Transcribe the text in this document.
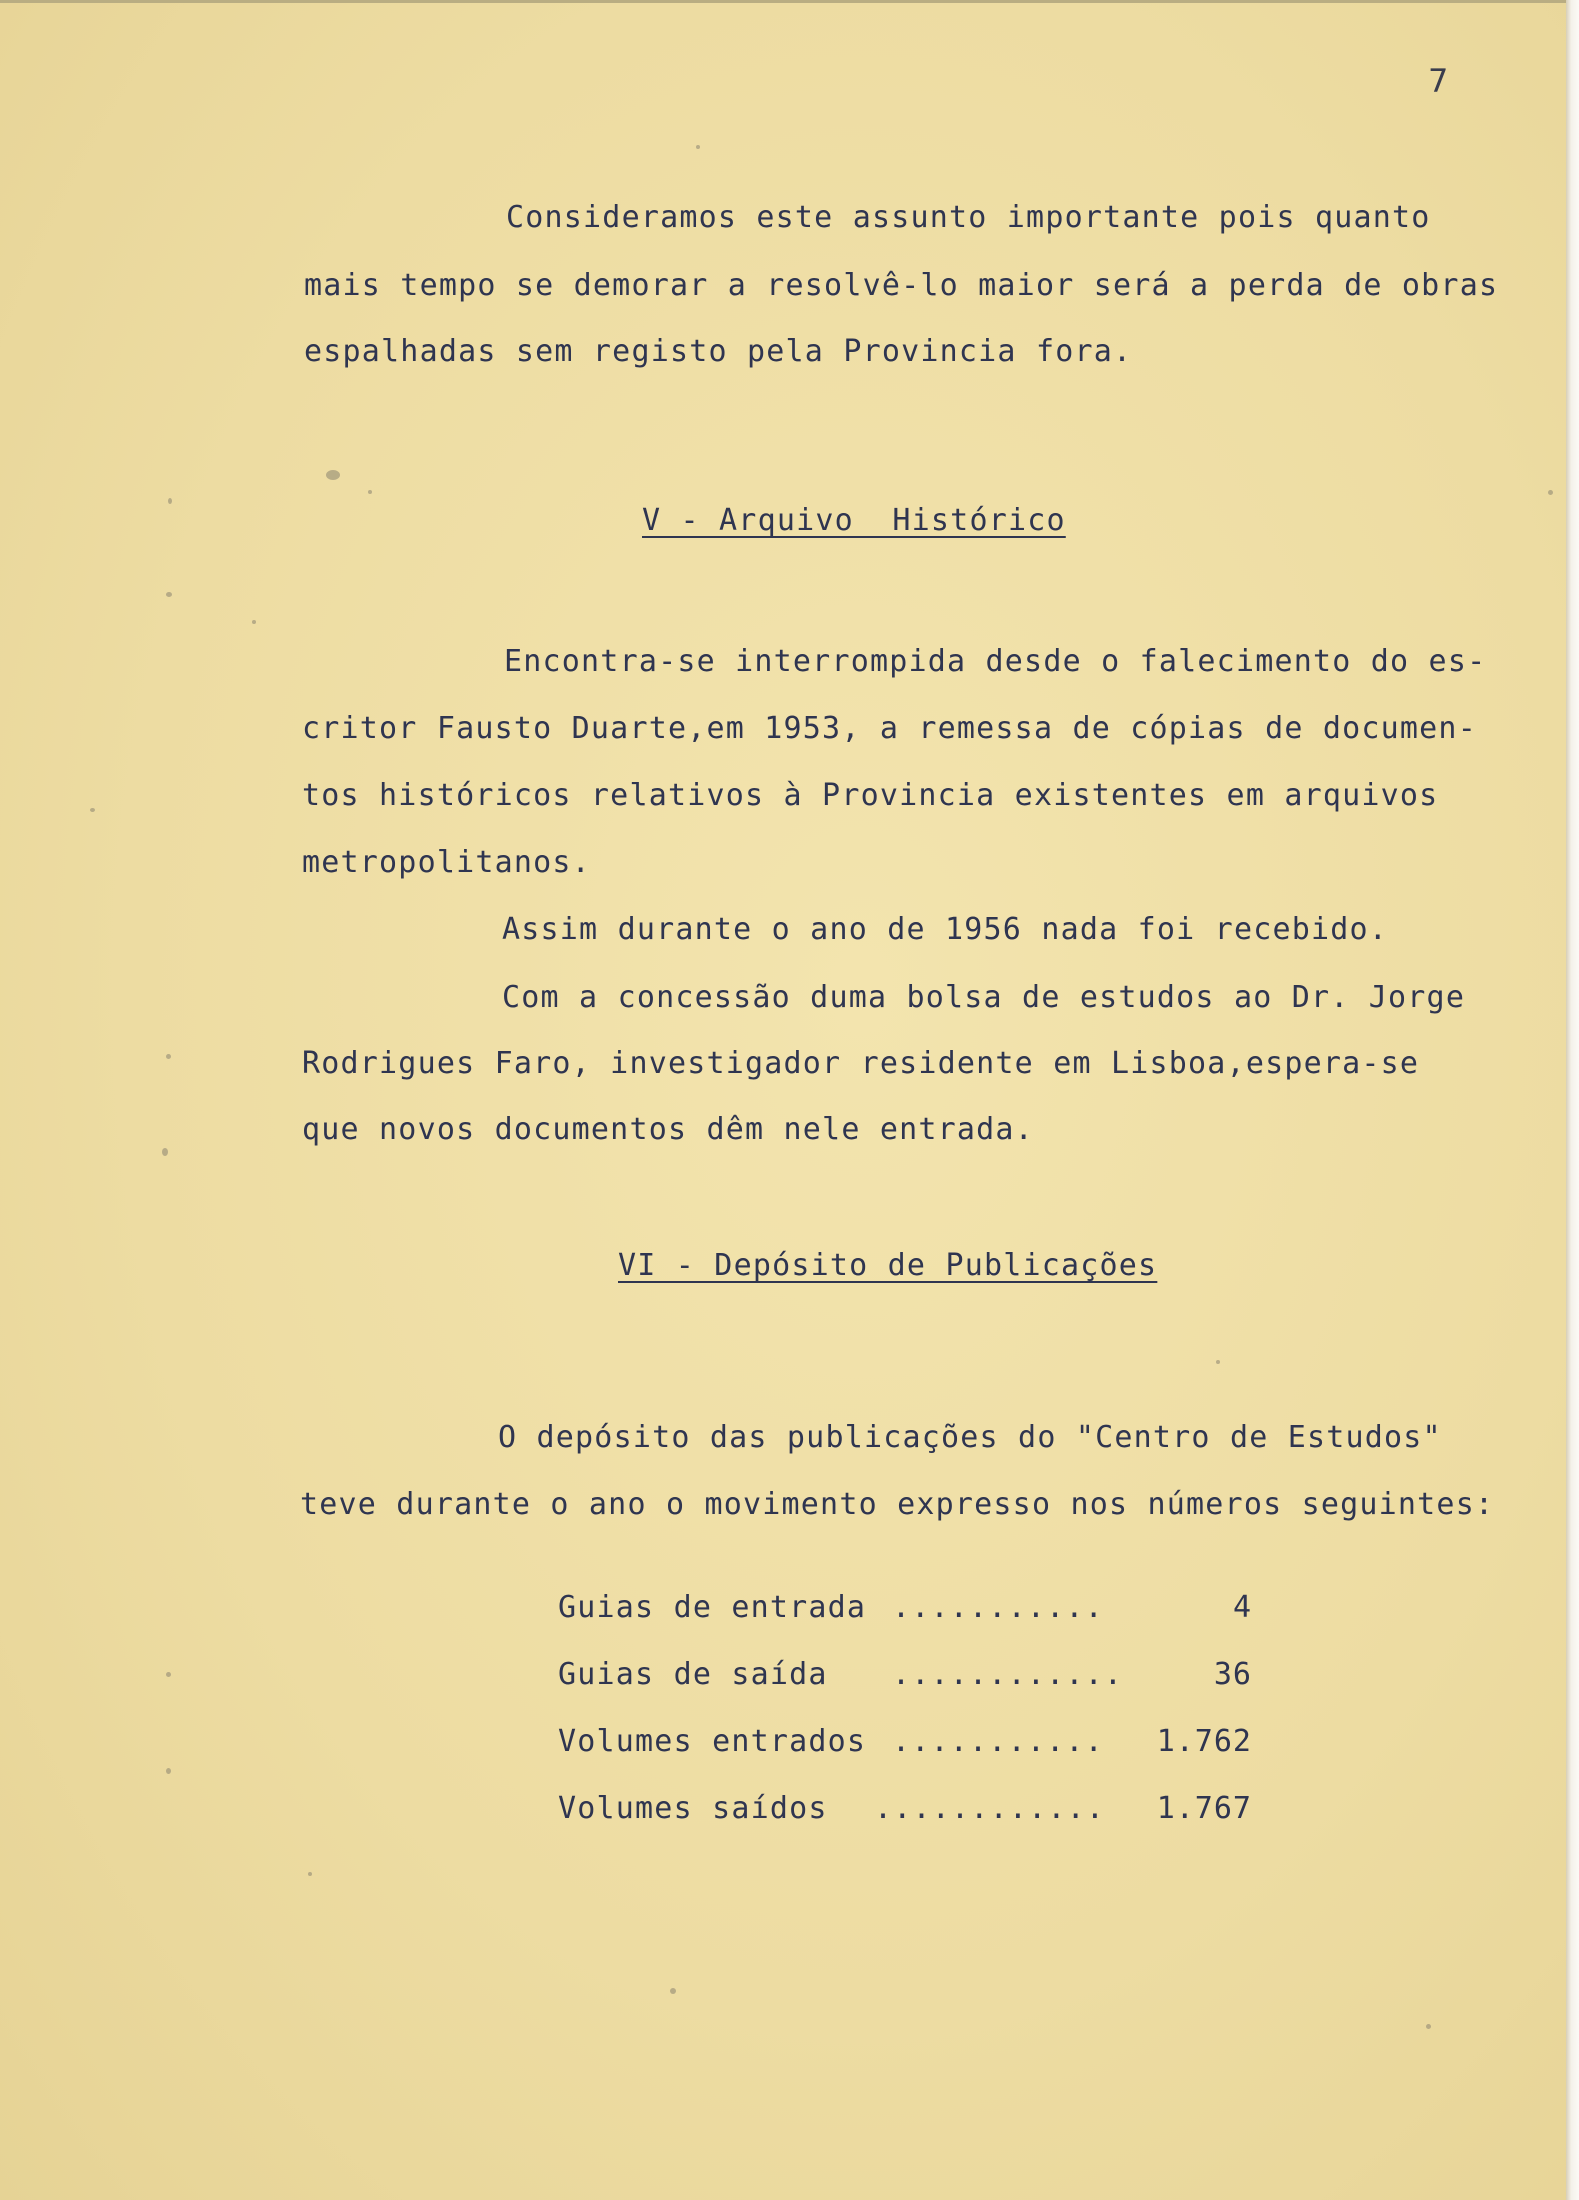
7
Consideramos este assunto importante pois quanto
mais tempo se demorar a resolvê-lo maior será a perda de obras
espalhadas sem registo pela Provincia fora.
V - Arquivo  Histórico
Encontra-se interrompida desde o falecimento do es-
critor Fausto Duarte,em 1953, a remessa de cópias de documen-
tos históricos relativos à Provincia existentes em arquivos
metropolitanos.
Assim durante o ano de 1956 nada foi recebido.
Com a concessão duma bolsa de estudos ao Dr. Jorge
Rodrigues Faro, investigador residente em Lisboa,espera-se
que novos documentos dêm nele entrada.
VI - Depósito de Publicações
O depósito das publicações do "Centro de Estudos"
teve durante o ano o movimento expresso nos números seguintes:
Guias de entrada ...........	4
Guias de saída ............	36
Volumes entrados ...........	1.762
Volumes saídos ............	1.767
